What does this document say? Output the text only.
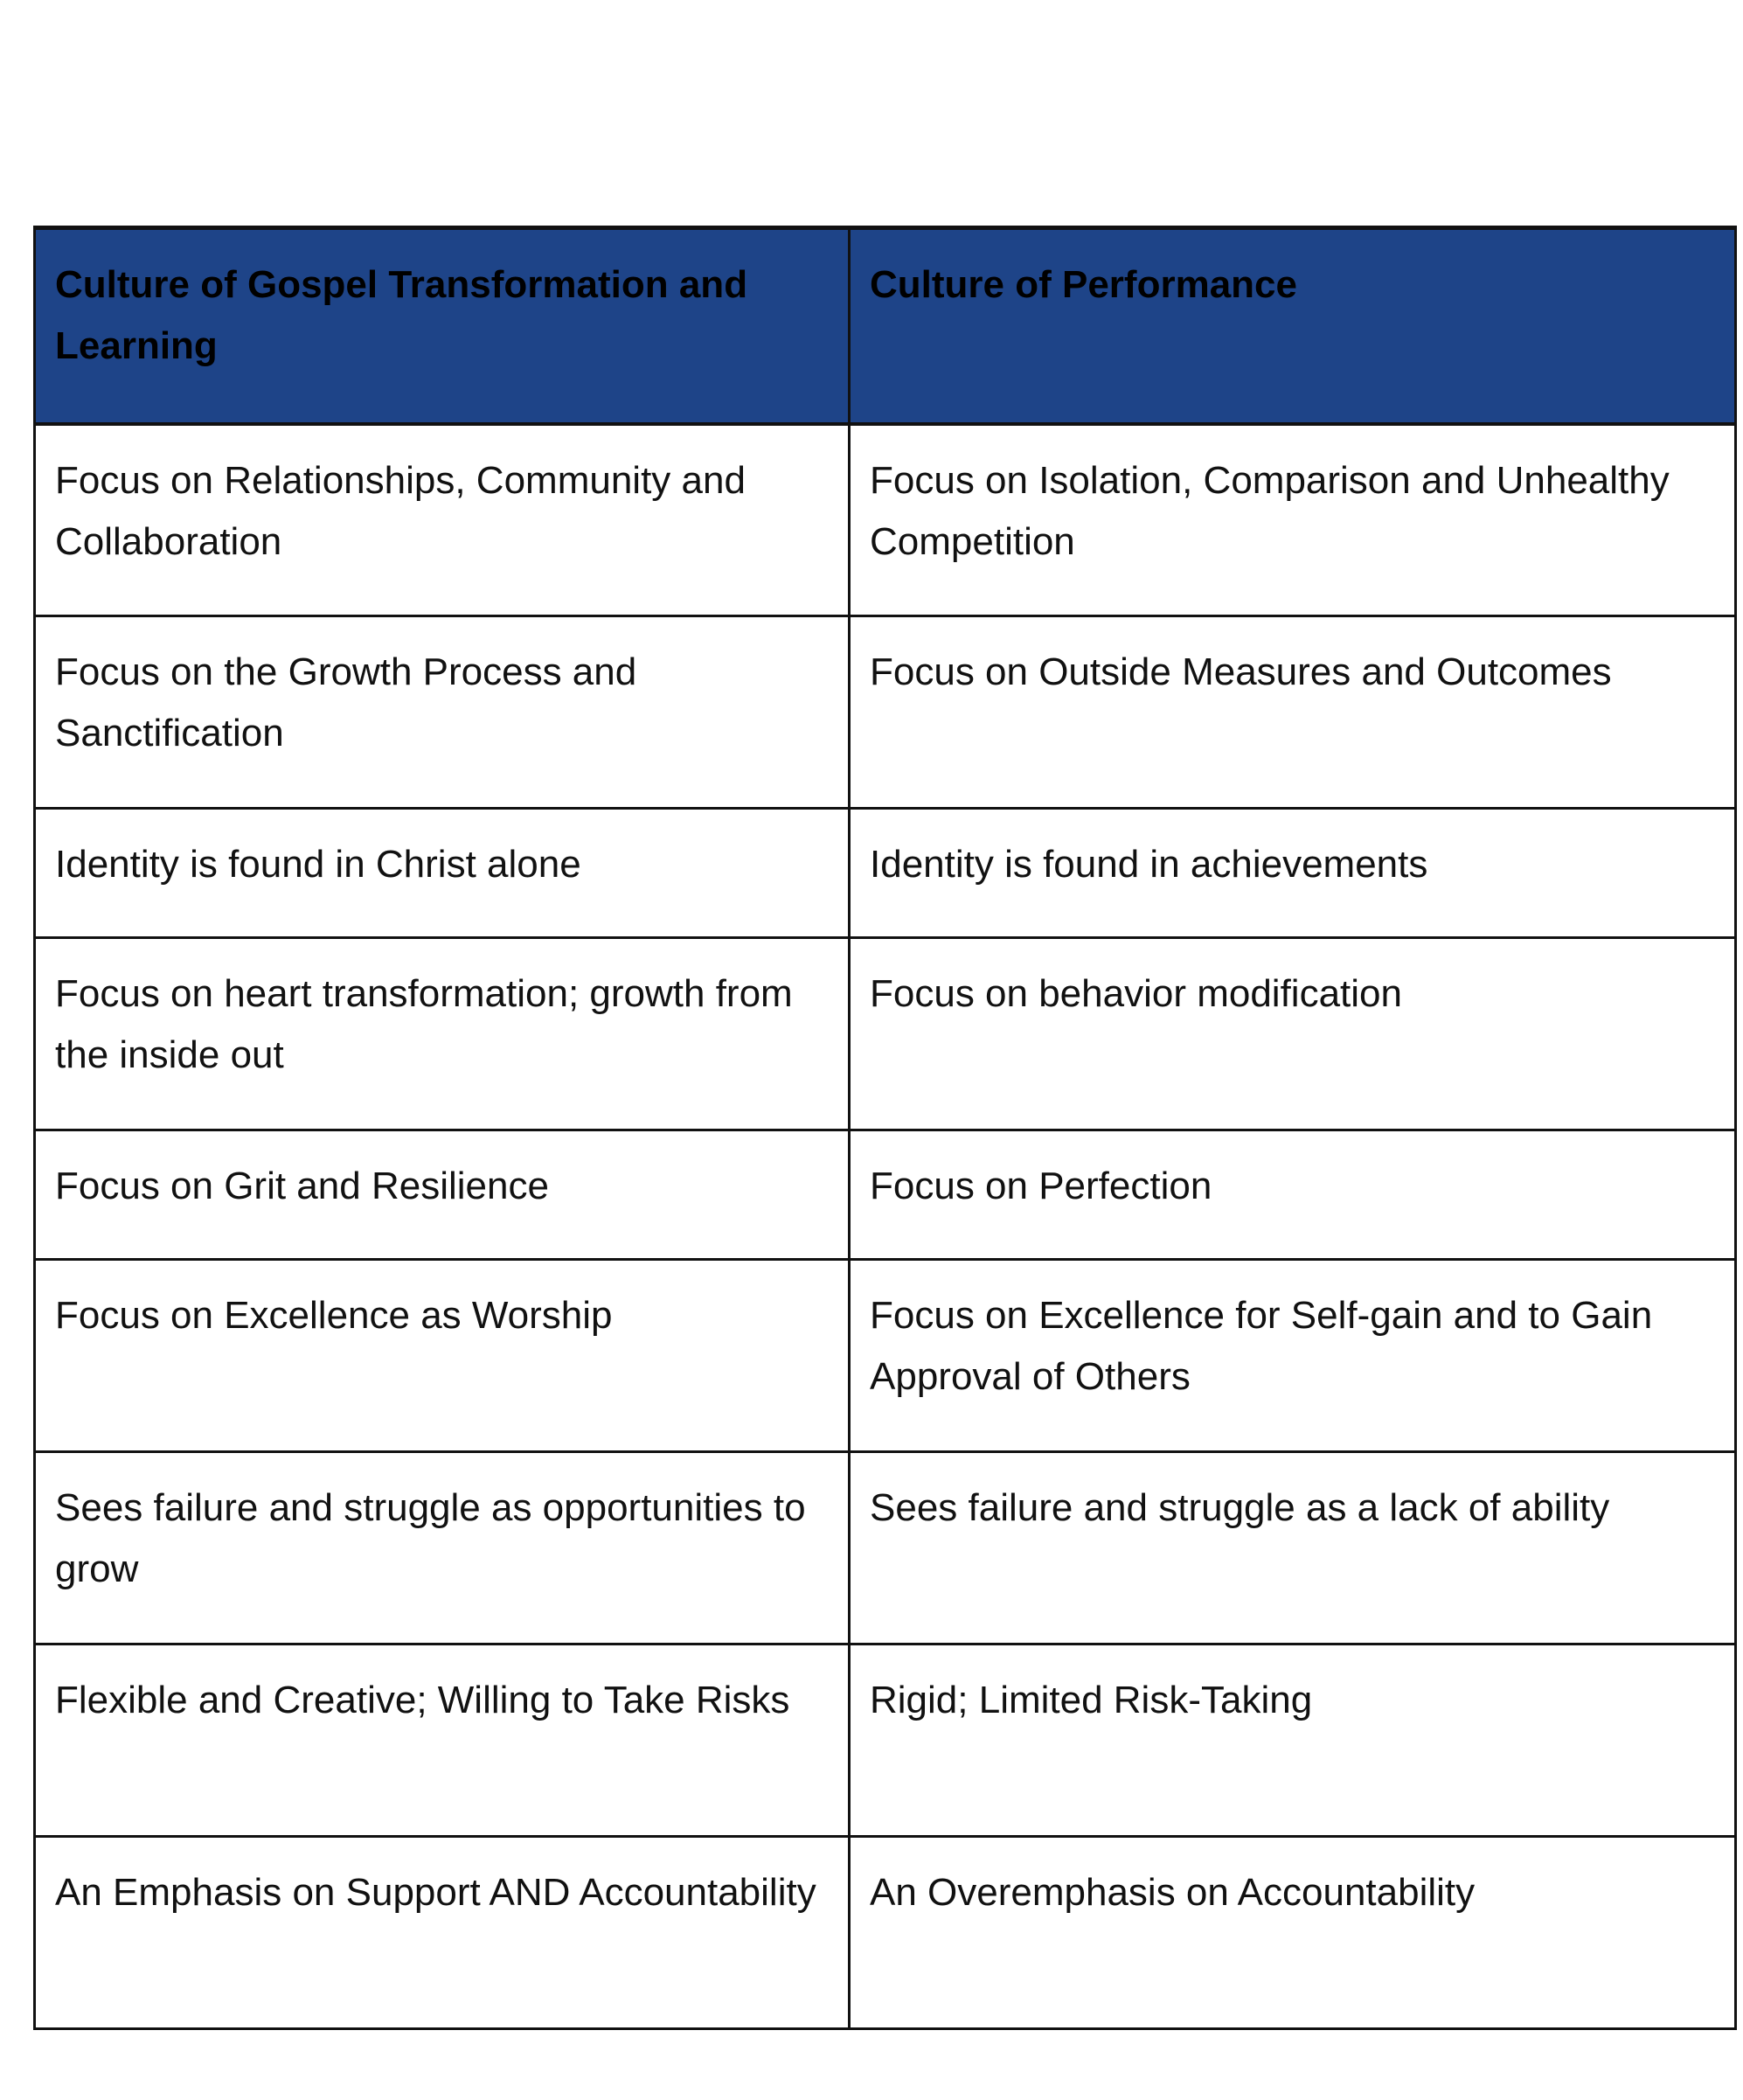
Culture of Gospel Transformation and Learning	Culture of Performance
Focus on Relationships, Community and Collaboration	Focus on Isolation, Comparison and Unhealthy Competition
Focus on the Growth Process and Sanctification	Focus on Outside Measures and Outcomes
Identity is found in Christ alone	Identity is found in achievements
Focus on heart transformation; growth from the inside out	Focus on behavior modification
Focus on Grit and Resilience	Focus on Perfection
Focus on Excellence as Worship	Focus on Excellence for Self-gain and to Gain Approval of Others
Sees failure and struggle as opportunities to grow	Sees failure and struggle as a lack of ability
Flexible and Creative; Willing to Take Risks	Rigid; Limited Risk-Taking
An Emphasis on Support AND Accountability	An Overemphasis on Accountability
